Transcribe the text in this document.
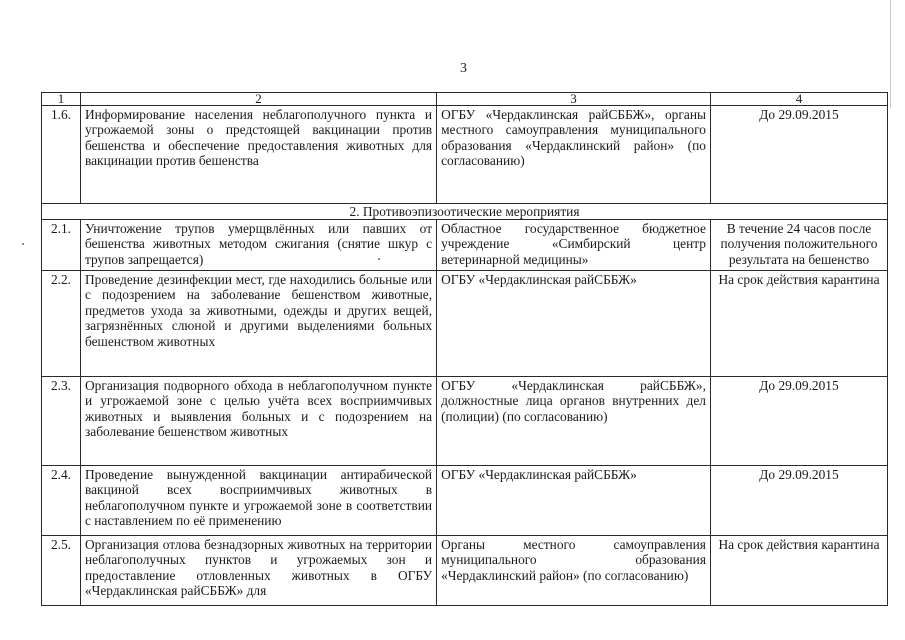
3
1	2	3	4
1.6.	Информирование населения неблагополучного пункта и угрожаемой зоны о предстоящей вакцинации против бешенства и обеспечение предоставления животных для вакцинации против бешенства	ОГБУ «Чердаклинская райСББЖ», органы местного самоуправления муниципального образования «Чердаклинский район» (по согласованию)	До 29.09.2015
2. Противоэпизоотические мероприятия			
2.1.	Уничтожение трупов умерщвлённых или павших от бешенства животных методом сжигания (снятие шкур с трупов запрещается)	Областное государственное бюджетное учреждение «Симбирский центр ветеринарной медицины»	В течение 24 часов после получения положительного результата на бешенство
2.2.	Проведение дезинфекции мест, где находились больные или с подозрением на заболевание бешенством животные, предметов ухода за животными, одежды и других вещей, загрязнённых слюной и другими выделениями больных бешенством животных	ОГБУ «Чердаклинская райСББЖ»	На срок действия карантина
2.3.	Организация подворного обхода в неблагополучном пункте и угрожаемой зоне с целью учёта всех восприимчивых животных и выявления больных и с подозрением на заболевание бешенством животных	ОГБУ «Чердаклинская райСББЖ», должностные лица органов внутренних дел (полиции) (по согласованию)	До 29.09.2015
2.4.	Проведение вынужденной вакцинации антирабической вакциной всех восприимчивых животных в неблагополучном пункте и угрожаемой зоне в соответствии с наставлением по её применению	ОГБУ «Чердаклинская райСББЖ»	До 29.09.2015
2.5.	Организация отлова безнадзорных животных на территории неблагополучных пунктов и угрожаемых зон и предоставление отловленных животных в ОГБУ «Чердаклинская райСББЖ» для	Органы местного самоуправления муниципального образования «Чердаклинский район» (по согласованию)	На срок действия карантина
